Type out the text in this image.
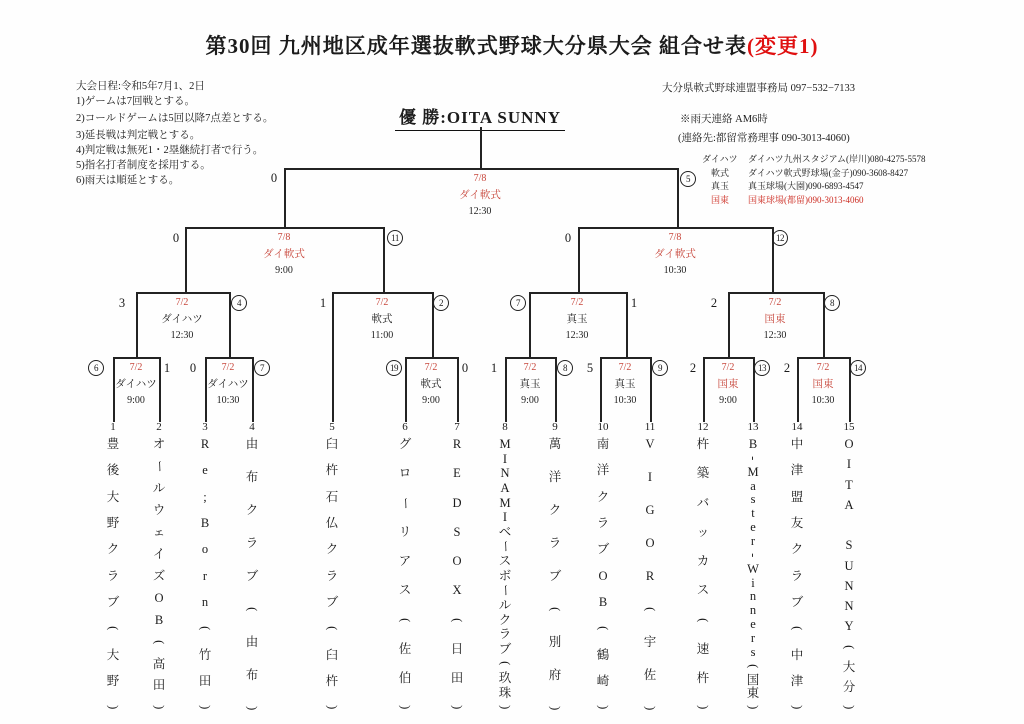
第30回 九州地区成年選抜軟式野球大分県大会 組合せ表(変更1)
大会日程:令和5年7月1、2日
1)ゲームは7回戦とする。
2)コールドゲームは5回以降7点差とする。
3)延長戦は判定戦とする。
4)判定戦は無死1・2塁継続打者で行う。
5)指名打者制度を採用する。
6)雨天は順延とする。
大分県軟式野球連盟事務局 097−532−7133
※雨天連絡 AM6時
(連絡先:都留常務理事 090-3013-4060)
ダイハツ	ダイハツ九州スタジアム(岸川)080-4275-5578
軟式	ダイハツ軟式野球場(金子)090-3608-8427
真玉	真玉球場(大園)090-6893-4547
国東	国東球場(都留)090-3013-4060
優 勝:OITA SUNNY
7/8
ダイ軟式
12:30
0	5
7/8
ダイ軟式
9:00
0	11	7/8
ダイ軟式
10:30
0	12
7/2
ダイハツ
12:30
3	4	7/2
軟式
11:00
1	2	7/2
真玉
12:30
7	1	7/2
国東
12:30
2	8
7/2
ダイハツ
9:00
6	1	7/2
ダイハツ
10:30
0	7	7/2
軟式
9:00
19	0	7/2
真玉
9:00
1	8	7/2
真玉
10:30
5	9	7/2
国東
9:00
2	13	7/2
国東
10:30
2	14
1
豊
後
大
野
ク
ラ
ブ
(
大
野
)
2
オ
ー
ル
ウ
ェ
イ
ズ
O
B
(
高
田
)
3
R
e
;
B
o
r
n
(
竹
田
)
4
由
布
ク
ラ
ブ
(
由
布
)
5
臼
杵
石
仏
ク
ラ
ブ
(
臼
杵
)
6
グ
ロ
ー
リ
ア
ス
(
佐
伯
)
7
R
E
D
S
O
X
(
日
田
)
8
M
I
N
A
M
I
ベ
ー
ス
ボ
ー
ル
ク
ラ
ブ
(
玖
珠
)
9
萬
洋
ク
ラ
ブ
(
別
府
)
10
南
洋
ク
ラ
ブ
O
B
(
鶴
崎
)
11
V
I
G
O
R
(
宇
佐
)
12
杵
築
バ
ッ
カ
ス
(
速
杵
)
13
B
-
M
a
s
t
e
r
-
W
i
n
n
e
r
s
(
国
東
)
14
中
津
盟
友
ク
ラ
ブ
(
中
津
)
15
O
I
T
A

S
U
N
N
Y
(
大
分
)
